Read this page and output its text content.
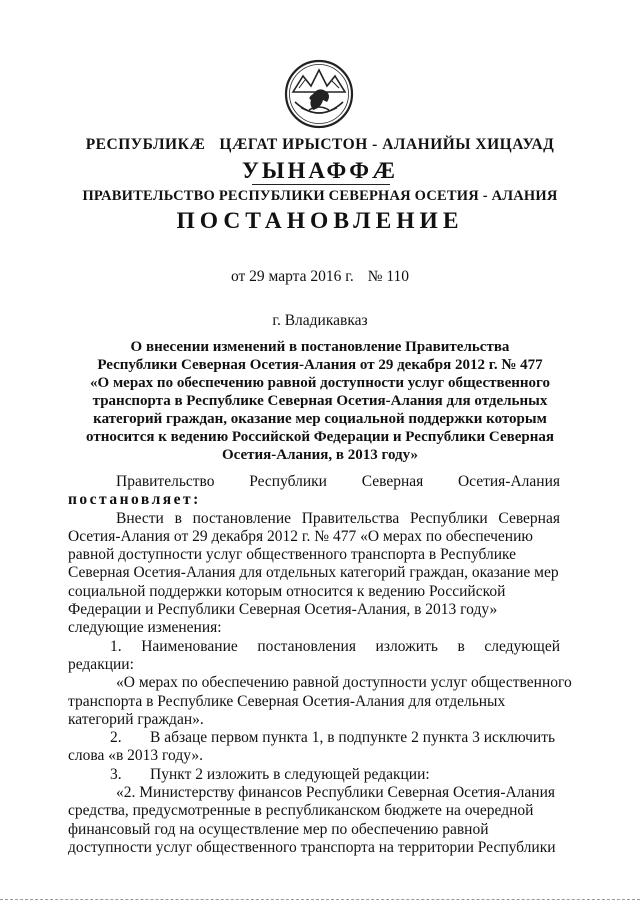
РЕСПУБЛИКӔ ЦӔГАТ ИРЫСТОН - АЛАНИЙЫ ХИЦАУАД
УЫНАФФӔ
ПРАВИТЕЛЬСТВО РЕСПУБЛИКИ СЕВЕРНАЯ ОСЕТИЯ - АЛАНИЯ
ПОСТАНОВЛЕНИЕ
от 29 марта 2016 г. № 110
г. Владикавказ
О внесении изменений в постановление Правительства
Республики Северная Осетия-Алания от 29 декабря 2012 г. № 477
«О мерах по обеспечению равной доступности услуг общественного
транспорта в Республике Северная Осетия-Алания для отдельных
категорий граждан, оказание мер социальной поддержки которым
относится к ведению Российской Федерации и Республики Северная
Осетия-Алания, в 2013 году»
Правительство Республики Северная Осетия-Алания
постановляет:
Внести в постановление Правительства Республики Северная
Осетия-Алания от 29 декабря 2012 г. № 477 «О мерах по обеспечению
равной доступности услуг общественного транспорта в Республике
Северная Осетия-Алания для отдельных категорий граждан, оказание мер
социальной поддержки которым относится к ведению Российской
Федерации и Республики Северная Осетия-Алания, в 2013 году»
следующие изменения:
1. Наименование постановления изложить в следующей
редакции:
«О мерах по обеспечению равной доступности услуг общественного
транспорта в Республике Северная Осетия-Алания для отдельных
категорий граждан».
2. В абзаце первом пункта 1, в подпункте 2 пункта 3 исключить
слова «в 2013 году».
3. Пункт 2 изложить в следующей редакции:
«2. Министерству финансов Республики Северная Осетия-Алания
средства, предусмотренные в республиканском бюджете на очередной
финансовый год на осуществление мер по обеспечению равной
доступности услуг общественного транспорта на территории Республики
